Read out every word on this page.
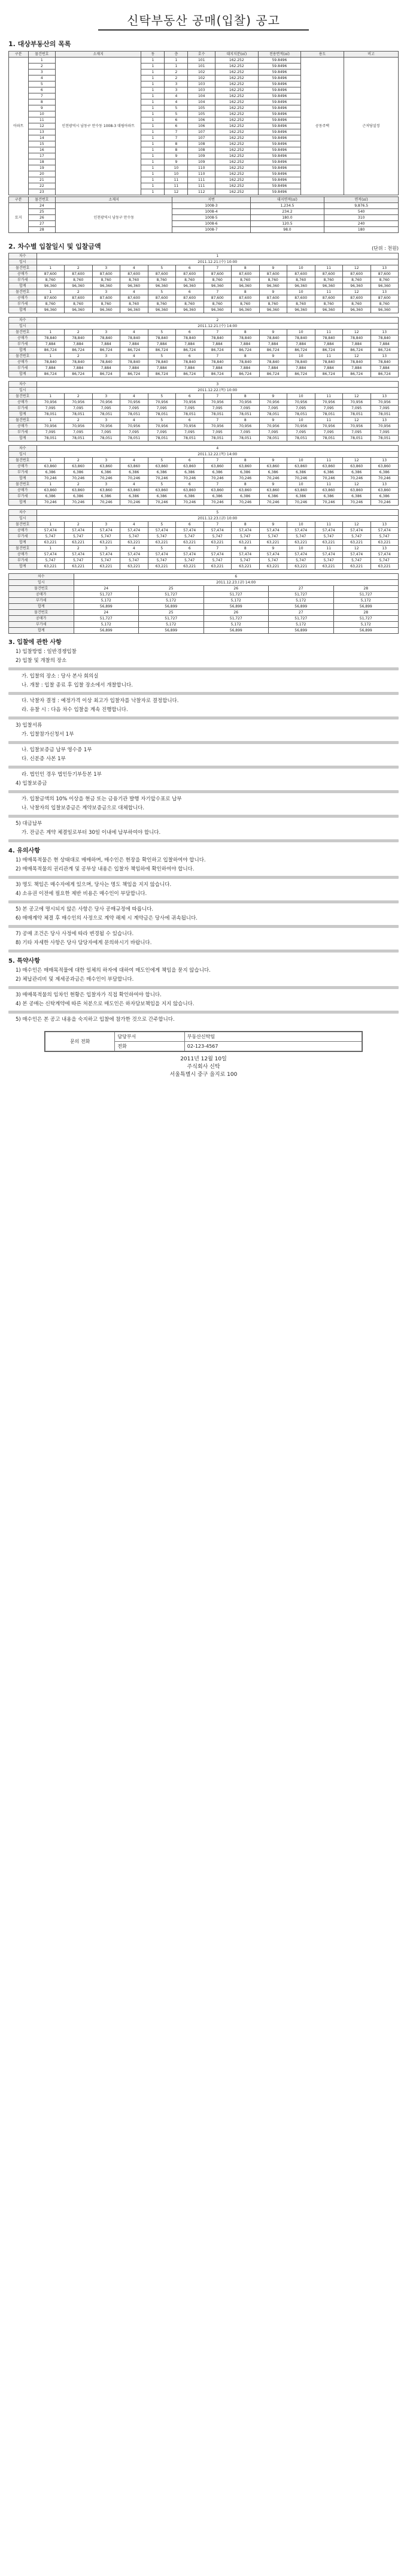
신탁부동산 공매(입찰) 공고
1. 대상부동산의 목록
구분	물건번호	소재지	동	층	호수	대지지분(㎡)	전용면적(㎡)	용도	비고
아파트	1	인천광역시 남동구 만수동 1008-3 대림아파트	1	1	101	162.252	59.8496	공동주택	근저당설정
	2		1	1	101	162.252	59.8496		
	3		1	2	102	162.252	59.8496		
	4		1	2	102	162.252	59.8496		
	5		1	3	103	162.252	59.8496		
	6		1	3	103	162.252	59.8496		
	7		1	4	104	162.252	59.8496		
	8		1	4	104	162.252	59.8496		
	9		1	5	105	162.252	59.8496		
	10		1	5	105	162.252	59.8496		
	11		1	6	106	162.252	59.8496		
	12		1	6	106	162.252	59.8496		
	13		1	7	107	162.252	59.8496		
	14		1	7	107	162.252	59.8496		
	15		1	8	108	162.252	59.8496		
	16		1	8	108	162.252	59.8496		
	17		1	9	109	162.252	59.8496		
	18		1	9	109	162.252	59.8496		
	19		1	10	110	162.252	59.8496		
	20		1	10	110	162.252	59.8496		
	21		1	11	111	162.252	59.8496		
	22		1	11	111	162.252	59.8496		
	23		1	12	112	162.252	59.8496		
구분	물건번호	소재지	지번	대지면적(㎡)	면적(㎡)
토지	24	인천광역시 남동구 만수동	1008-3	1,234.5	9,876.5
	25		1008-4	234.2	540
	26		1008-5	180.0	310
	27		1008-6	120.5	240
	28		1008-7	98.0	180
2. 차수별 입찰일시 및 입찰금액	(단위 : 천원)
차수	1												
일시	2011.12.21.(수) 10:00												
물건번호	1	2	3	4	5	6	7	8	9	10	11	12	13
공매가	87,600	87,600	87,600	87,600	87,600	87,600	87,600	87,600	87,600	87,600	87,600	87,600	87,600
부가세	8,760	8,760	8,760	8,760	8,760	8,760	8,760	8,760	8,760	8,760	8,760	8,760	8,760
합계	96,360	96,360	96,360	96,360	96,360	96,360	96,360	96,360	96,360	96,360	96,360	96,360	96,360
물건번호	1	2	3	4	5	6	7	8	9	10	11	12	13
공매가	87,600	87,600	87,600	87,600	87,600	87,600	87,600	87,600	87,600	87,600	87,600	87,600	87,600
부가세	8,760	8,760	8,760	8,760	8,760	8,760	8,760	8,760	8,760	8,760	8,760	8,760	8,760
합계	96,360	96,360	96,360	96,360	96,360	96,360	96,360	96,360	96,360	96,360	96,360	96,360	96,360
차수	2												
일시	2011.12.21.(수) 14:00												
물건번호	1	2	3	4	5	6	7	8	9	10	11	12	13
공매가	78,840	78,840	78,840	78,840	78,840	78,840	78,840	78,840	78,840	78,840	78,840	78,840	78,840
부가세	7,884	7,884	7,884	7,884	7,884	7,884	7,884	7,884	7,884	7,884	7,884	7,884	7,884
합계	86,724	86,724	86,724	86,724	86,724	86,724	86,724	86,724	86,724	86,724	86,724	86,724	86,724
물건번호	1	2	3	4	5	6	7	8	9	10	11	12	13
공매가	78,840	78,840	78,840	78,840	78,840	78,840	78,840	78,840	78,840	78,840	78,840	78,840	78,840
부가세	7,884	7,884	7,884	7,884	7,884	7,884	7,884	7,884	7,884	7,884	7,884	7,884	7,884
합계	86,724	86,724	86,724	86,724	86,724	86,724	86,724	86,724	86,724	86,724	86,724	86,724	86,724
차수	3												
일시	2011.12.22.(목) 10:00												
물건번호	1	2	3	4	5	6	7	8	9	10	11	12	13
공매가	70,956	70,956	70,956	70,956	70,956	70,956	70,956	70,956	70,956	70,956	70,956	70,956	70,956
부가세	7,095	7,095	7,095	7,095	7,095	7,095	7,095	7,095	7,095	7,095	7,095	7,095	7,095
합계	78,051	78,051	78,051	78,051	78,051	78,051	78,051	78,051	78,051	78,051	78,051	78,051	78,051
물건번호	1	2	3	4	5	6	7	8	9	10	11	12	13
공매가	70,956	70,956	70,956	70,956	70,956	70,956	70,956	70,956	70,956	70,956	70,956	70,956	70,956
부가세	7,095	7,095	7,095	7,095	7,095	7,095	7,095	7,095	7,095	7,095	7,095	7,095	7,095
합계	78,051	78,051	78,051	78,051	78,051	78,051	78,051	78,051	78,051	78,051	78,051	78,051	78,051
차수	4												
일시	2011.12.22.(목) 14:00												
물건번호	1	2	3	4	5	6	7	8	9	10	11	12	13
공매가	63,860	63,860	63,860	63,860	63,860	63,860	63,860	63,860	63,860	63,860	63,860	63,860	63,860
부가세	6,386	6,386	6,386	6,386	6,386	6,386	6,386	6,386	6,386	6,386	6,386	6,386	6,386
합계	70,246	70,246	70,246	70,246	70,246	70,246	70,246	70,246	70,246	70,246	70,246	70,246	70,246
물건번호	1	2	3	4	5	6	7	8	9	10	11	12	13
공매가	63,860	63,860	63,860	63,860	63,860	63,860	63,860	63,860	63,860	63,860	63,860	63,860	63,860
부가세	6,386	6,386	6,386	6,386	6,386	6,386	6,386	6,386	6,386	6,386	6,386	6,386	6,386
합계	70,246	70,246	70,246	70,246	70,246	70,246	70,246	70,246	70,246	70,246	70,246	70,246	70,246
차수	5												
일시	2011.12.23.(금) 10:00												
물건번호	1	2	3	4	5	6	7	8	9	10	11	12	13
공매가	57,474	57,474	57,474	57,474	57,474	57,474	57,474	57,474	57,474	57,474	57,474	57,474	57,474
부가세	5,747	5,747	5,747	5,747	5,747	5,747	5,747	5,747	5,747	5,747	5,747	5,747	5,747
합계	63,221	63,221	63,221	63,221	63,221	63,221	63,221	63,221	63,221	63,221	63,221	63,221	63,221
물건번호	1	2	3	4	5	6	7	8	9	10	11	12	13
공매가	57,474	57,474	57,474	57,474	57,474	57,474	57,474	57,474	57,474	57,474	57,474	57,474	57,474
부가세	5,747	5,747	5,747	5,747	5,747	5,747	5,747	5,747	5,747	5,747	5,747	5,747	5,747
합계	63,221	63,221	63,221	63,221	63,221	63,221	63,221	63,221	63,221	63,221	63,221	63,221	63,221
차수	6				
일시	2011.12.23.(금) 14:00				
물건번호	24	25	26	27	28
공매가	51,727	51,727	51,727	51,727	51,727
부가세	5,172	5,172	5,172	5,172	5,172
합계	56,899	56,899	56,899	56,899	56,899
물건번호	24	25	26	27	28
공매가	51,727	51,727	51,727	51,727	51,727
부가세	5,172	5,172	5,172	5,172	5,172
합계	56,899	56,899	56,899	56,899	56,899
3. 입찰에 관한 사항

1) 입찰방법 : 일반경쟁입찰

2) 입찰 및 개찰의 장소

가. 입찰의 장소 : 당사 본사 회의실

나. 개찰 : 입찰 종료 후 입찰 장소에서 개찰합니다.

다. 낙찰자 결정 : 예정가격 이상 최고가 입찰자를 낙찰자로 결정합니다.

라. 유찰 시 : 다음 차수 입찰을 계속 진행합니다.

3) 입찰서류

가. 입찰참가신청서 1부

나. 입찰보증금 납부 영수증 1부

다. 신분증 사본 1부

라. 법인인 경우 법인등기부등본 1부

4) 입찰보증금

가. 입찰금액의 10% 이상을 현금 또는 금융기관 발행 자기앞수표로 납부

나. 낙찰자의 입찰보증금은 계약보증금으로 대체합니다.

5) 대금납부

가. 잔금은 계약 체결일로부터 30일 이내에 납부하여야 합니다.

4. 유의사항

1) 매매목적물은 현 상태대로 매매하며, 매수인은 현장을 확인하고 입찰하여야 합니다.

2) 매매목적물의 권리관계 및 공부상 내용은 입찰자 책임하에 확인하여야 합니다.

3) 명도 책임은 매수자에게 있으며, 당사는 명도 책임을 지지 않습니다.

4) 소유권 이전에 필요한 제반 비용은 매수인이 부담합니다.

5) 본 공고에 명시되지 않은 사항은 당사 공매규정에 따릅니다.

6) 매매계약 체결 후 매수인의 사정으로 계약 해제 시 계약금은 당사에 귀속됩니다.

7) 공매 조건은 당사 사정에 따라 변경될 수 있습니다.

8) 기타 자세한 사항은 당사 담당자에게 문의하시기 바랍니다.

5. 특약사항

1) 매수인은 매매목적물에 대한 일체의 하자에 대하여 매도인에게 책임을 묻지 않습니다.

2) 체납관리비 및 제세공과금은 매수인이 부담합니다.

3) 매매목적물의 임차인 현황은 입찰자가 직접 확인하여야 합니다.

4) 본 공매는 신탁계약에 따른 처분으로 매도인은 하자담보책임을 지지 않습니다.

5) 매수인은 본 공고 내용을 숙지하고 입찰에 참가한 것으로 간주합니다.

문의 전화	담당부서	부동산신탁팀
	전화	02-123-4567
2011년 12월 10일
주식회사 신탁
서울특별시 중구 을지로 100
